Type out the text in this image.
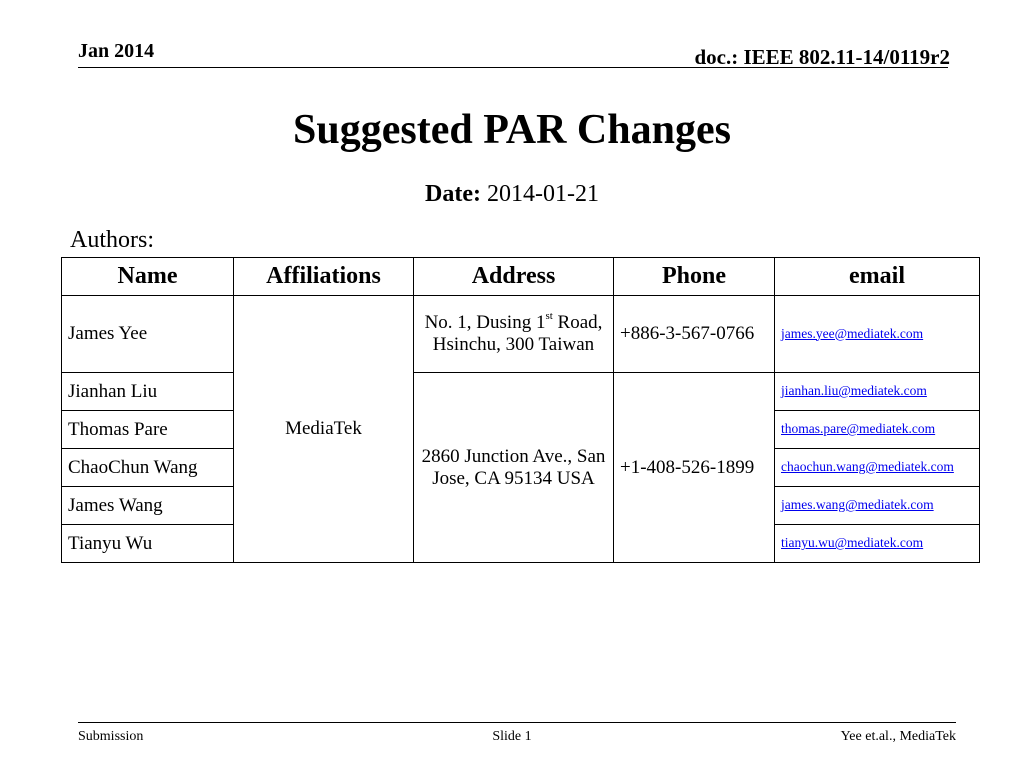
Jan 2014	doc.: IEEE 802.11-14/0119r2
Suggested PAR Changes
Date: 2014-01-21
Authors:
Name	Affiliations	Address	Phone	email
James Yee	MediaTek	No. 1, Dusing 1st Road, Hsinchu, 300 Taiwan	+886-3-567-0766	james.yee@mediatek.com
Jianhan Liu		2860 Junction Ave., San Jose, CA 95134 USA	+1-408-526-1899	jianhan.liu@mediatek.com
Thomas Pare				thomas.pare@mediatek.com
ChaoChun Wang				chaochun.wang@mediatek.com
James Wang				james.wang@mediatek.com
Tianyu Wu				tianyu.wu@mediatek.com
Submission	Slide 1	Yee et.al., MediaTek
